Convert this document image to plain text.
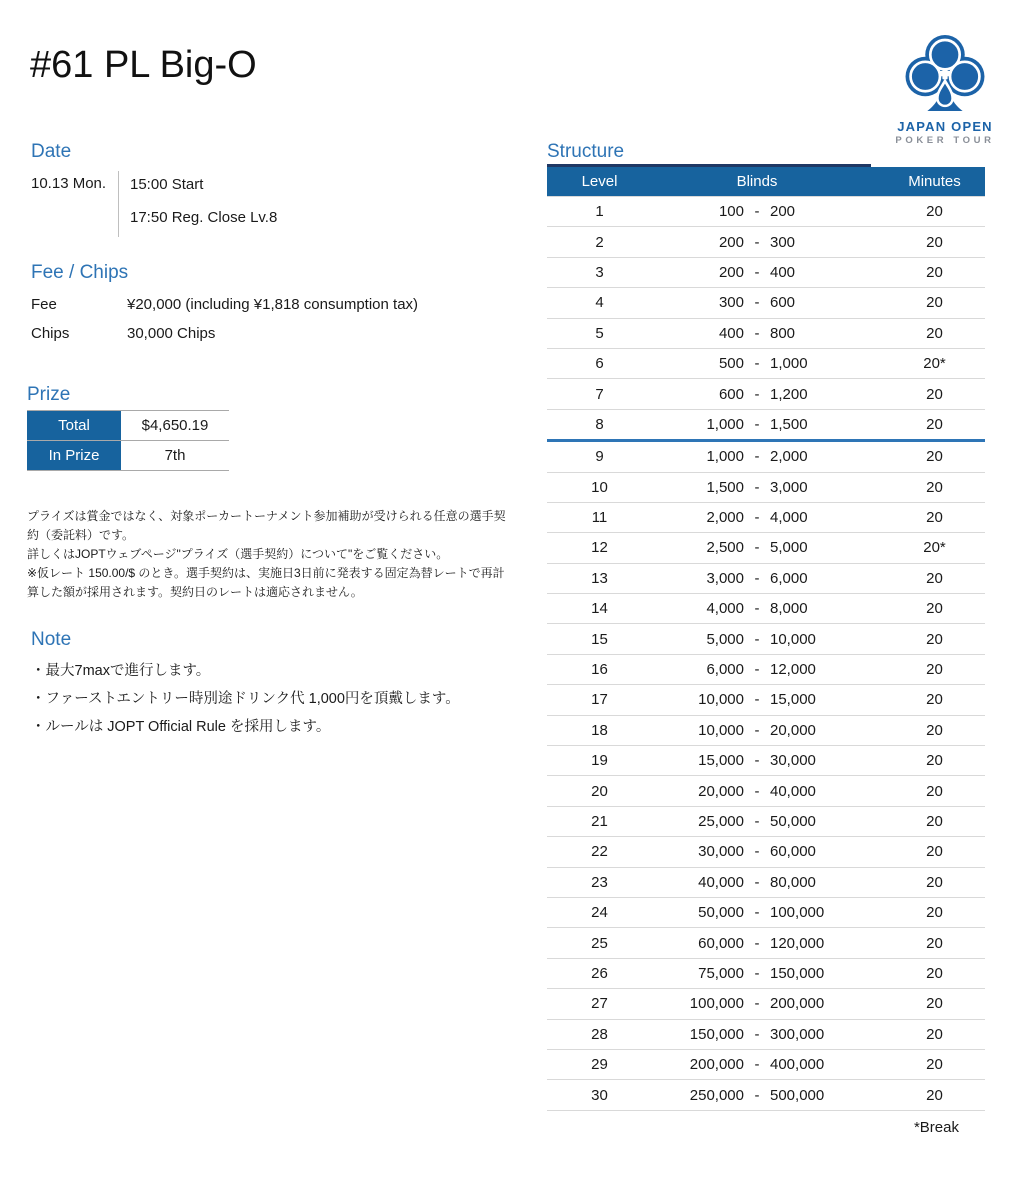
#61 PL Big-O
JAPAN OPEN
POKER TOUR
Date
10.13 Mon.	15:00 Start
17:50 Reg. Close Lv.8
Fee / Chips
Fee	¥20,000 (including ¥1,818 consumption tax)
Chips	30,000 Chips
Prize
Total	$4,650.19
In Prize	7th

プライズは賞金ではなく、対象ポーカートーナメント参加補助が受けられる任意の選手契約（委託料）です。

詳しくはJOPTウェブページ"プライズ（選手契約）について"をご覧ください。

※仮レート 150.00/$ のとき。選手契約は、実施日3日前に発表する固定為替レートで再計算した額が採用されます。契約日のレートは適応されません。

Note
・最大7maxで進行します。
・ファーストエントリー時別途ドリンク代 1,000円を頂戴します。
・ルールは JOPT Official Rule を採用します。
Structure
Level	Blinds	Minutes
1	100 - 200	20
2	200 - 300	20
3	200 - 400	20
4	300 - 600	20
5	400 - 800	20
6	500 - 1,000	20*
7	600 - 1,200	20
8	1,000 - 1,500	20
9	1,000 - 2,000	20
10	1,500 - 3,000	20
11	2,000 - 4,000	20
12	2,500 - 5,000	20*
13	3,000 - 6,000	20
14	4,000 - 8,000	20
15	5,000 - 10,000	20
16	6,000 - 12,000	20
17	10,000 - 15,000	20
18	10,000 - 20,000	20
19	15,000 - 30,000	20
20	20,000 - 40,000	20
21	25,000 - 50,000	20
22	30,000 - 60,000	20
23	40,000 - 80,000	20
24	50,000 - 100,000	20
25	60,000 - 120,000	20
26	75,000 - 150,000	20
27	100,000 - 200,000	20
28	150,000 - 300,000	20
29	200,000 - 400,000	20
30	250,000 - 500,000	20
*Break
